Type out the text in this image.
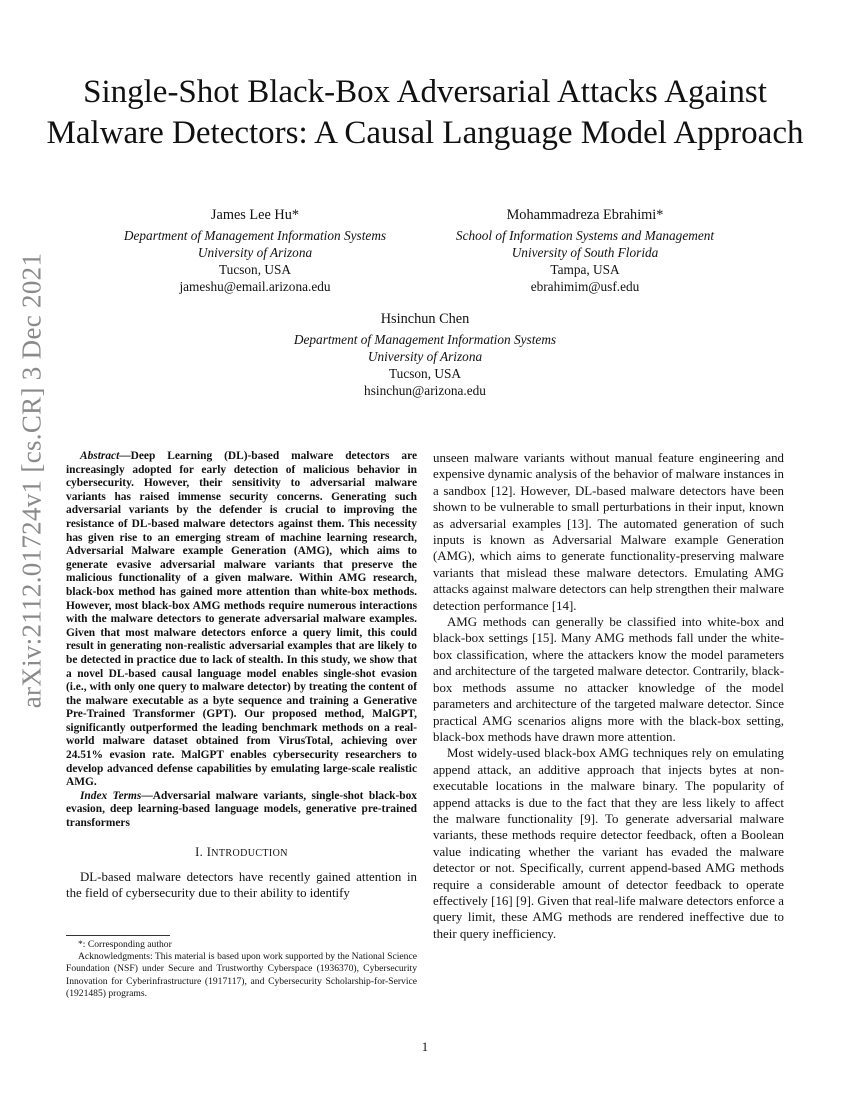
arXiv:2112.01724v1 [cs.CR] 3 Dec 2021
Single-Shot Black-Box Adversarial Attacks Against Malware Detectors: A Causal Language Model Approach
James Lee Hu*
Department of Management Information Systems
University of Arizona
Tucson, USA
jameshu@email.arizona.edu
Mohammadreza Ebrahimi*
School of Information Systems and Management
University of South Florida
Tampa, USA
ebrahimim@usf.edu
Hsinchun Chen
Department of Management Information Systems
University of Arizona
Tucson, USA
hsinchun@arizona.edu

Abstract—Deep Learning (DL)-based malware detectors are increasingly adopted for early detection of malicious behavior in cybersecurity. However, their sensitivity to adversarial malware variants has raised immense security concerns. Generating such adversarial variants by the defender is crucial to improving the resistance of DL-based malware detectors against them. This necessity has given rise to an emerging stream of machine learning research, Adversarial Malware example Generation (AMG), which aims to generate evasive adversarial malware variants that preserve the malicious functionality of a given malware. Within AMG research, black-box method has gained more attention than white-box methods. However, most black-box AMG methods require numerous interactions with the malware detectors to generate adversarial malware examples. Given that most malware detectors enforce a query limit, this could result in generating non-realistic adversarial examples that are likely to be detected in practice due to lack of stealth. In this study, we show that a novel DL-based causal language model enables single-shot evasion (i.e., with only one query to malware detector) by treating the content of the malware executable as a byte sequence and training a Generative Pre-Trained Transformer (GPT). Our proposed method, MalGPT, significantly outperformed the leading benchmark methods on a real-world malware dataset obtained from VirusTotal, achieving over 24.51% evasion rate. MalGPT enables cybersecurity researchers to develop advanced defense capabilities by emulating large-scale realistic AMG.

Index Terms—Adversarial malware variants, single-shot black-box evasion, deep learning-based language models, generative pre-trained transformers

I. INTRODUCTION

DL-based malware detectors have recently gained attention in the field of cybersecurity due to their ability to identify

unseen malware variants without manual feature engineering and expensive dynamic analysis of the behavior of malware instances in a sandbox [12]. However, DL-based malware detectors have been shown to be vulnerable to small perturbations in their input, known as adversarial examples [13]. The automated generation of such inputs is known as Adversarial Malware example Generation (AMG), which aims to generate functionality-preserving malware variants that mislead these malware detectors. Emulating AMG attacks against malware detectors can help strengthen their malware detection performance [14].

AMG methods can generally be classified into white-box and black-box settings [15]. Many AMG methods fall under the white-box classification, where the attackers know the model parameters and architecture of the targeted malware detector. Contrarily, black-box methods assume no attacker knowledge of the model parameters and architecture of the targeted malware detector. Since practical AMG scenarios aligns more with the black-box setting, black-box methods have drawn more attention.

Most widely-used black-box AMG techniques rely on emulating append attack, an additive approach that injects bytes at non-executable locations in the malware binary. The popularity of append attacks is due to the fact that they are less likely to affect the malware functionality [9]. To generate adversarial malware variants, these methods require detector feedback, often a Boolean value indicating whether the variant has evaded the malware detector or not. Specifically, current append-based AMG methods require a considerable amount of detector feedback to operate effectively [16] [9]. Given that real-life malware detectors enforce a query limit, these AMG methods are rendered ineffective due to their query inefficiency.

*: Corresponding author

Acknowledgments: This material is based upon work supported by the National Science Foundation (NSF) under Secure and Trustworthy Cyberspace (1936370), Cybersecurity Innovation for Cyberinfrastructure (1917117), and Cybersecurity Scholarship-for-Service (1921485) programs.

1
